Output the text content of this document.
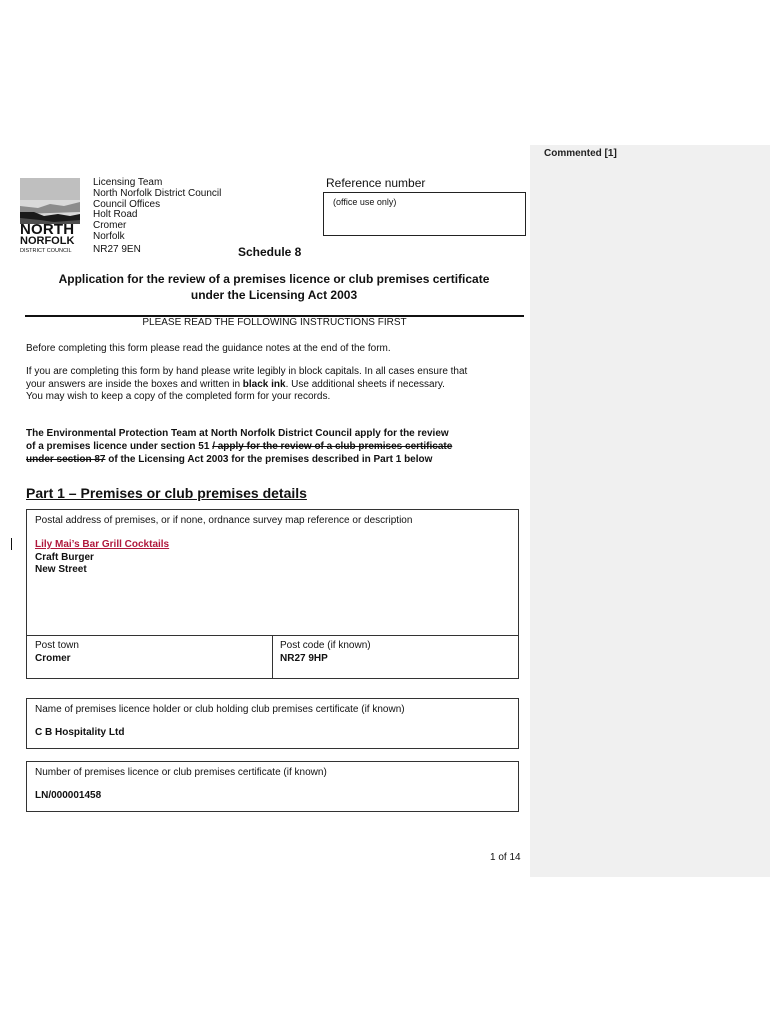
Commented [1]
NORTH
NORFOLK
DISTRICT COUNCIL
Licensing Team
North Norfolk District Council
Council Offices
Holt Road
Cromer
Norfolk
NR27 9EN
Reference number
(office use only)
Schedule 8
Application for the review of a premises licence or club premises certificate
under the Licensing Act 2003
PLEASE READ THE FOLLOWING INSTRUCTIONS FIRST
Before completing this form please read the guidance notes at the end of the form.
If you are completing this form by hand please write legibly in block capitals. In all cases ensure that
your answers are inside the boxes and written in black ink. Use additional sheets if necessary.
You may wish to keep a copy of the completed form for your records.
The Environmental Protection Team at North Norfolk District Council apply for the review
of a premises licence under section 51 / apply for the review of a club premises certificate
under section 87 of the Licensing Act 2003 for the premises described in Part 1 below
Part 1 – Premises or club premises details
Postal address of premises, or if none, ordnance survey map reference or description
Lily Mai’s Bar Grill Cocktails
Craft Burger
New Street
Post town
Cromer
Post code (if known)
NR27 9HP
Name of premises licence holder or club holding club premises certificate (if known)
C B Hospitality Ltd
Number of premises licence or club premises certificate (if known)
LN/000001458
1 of 14
